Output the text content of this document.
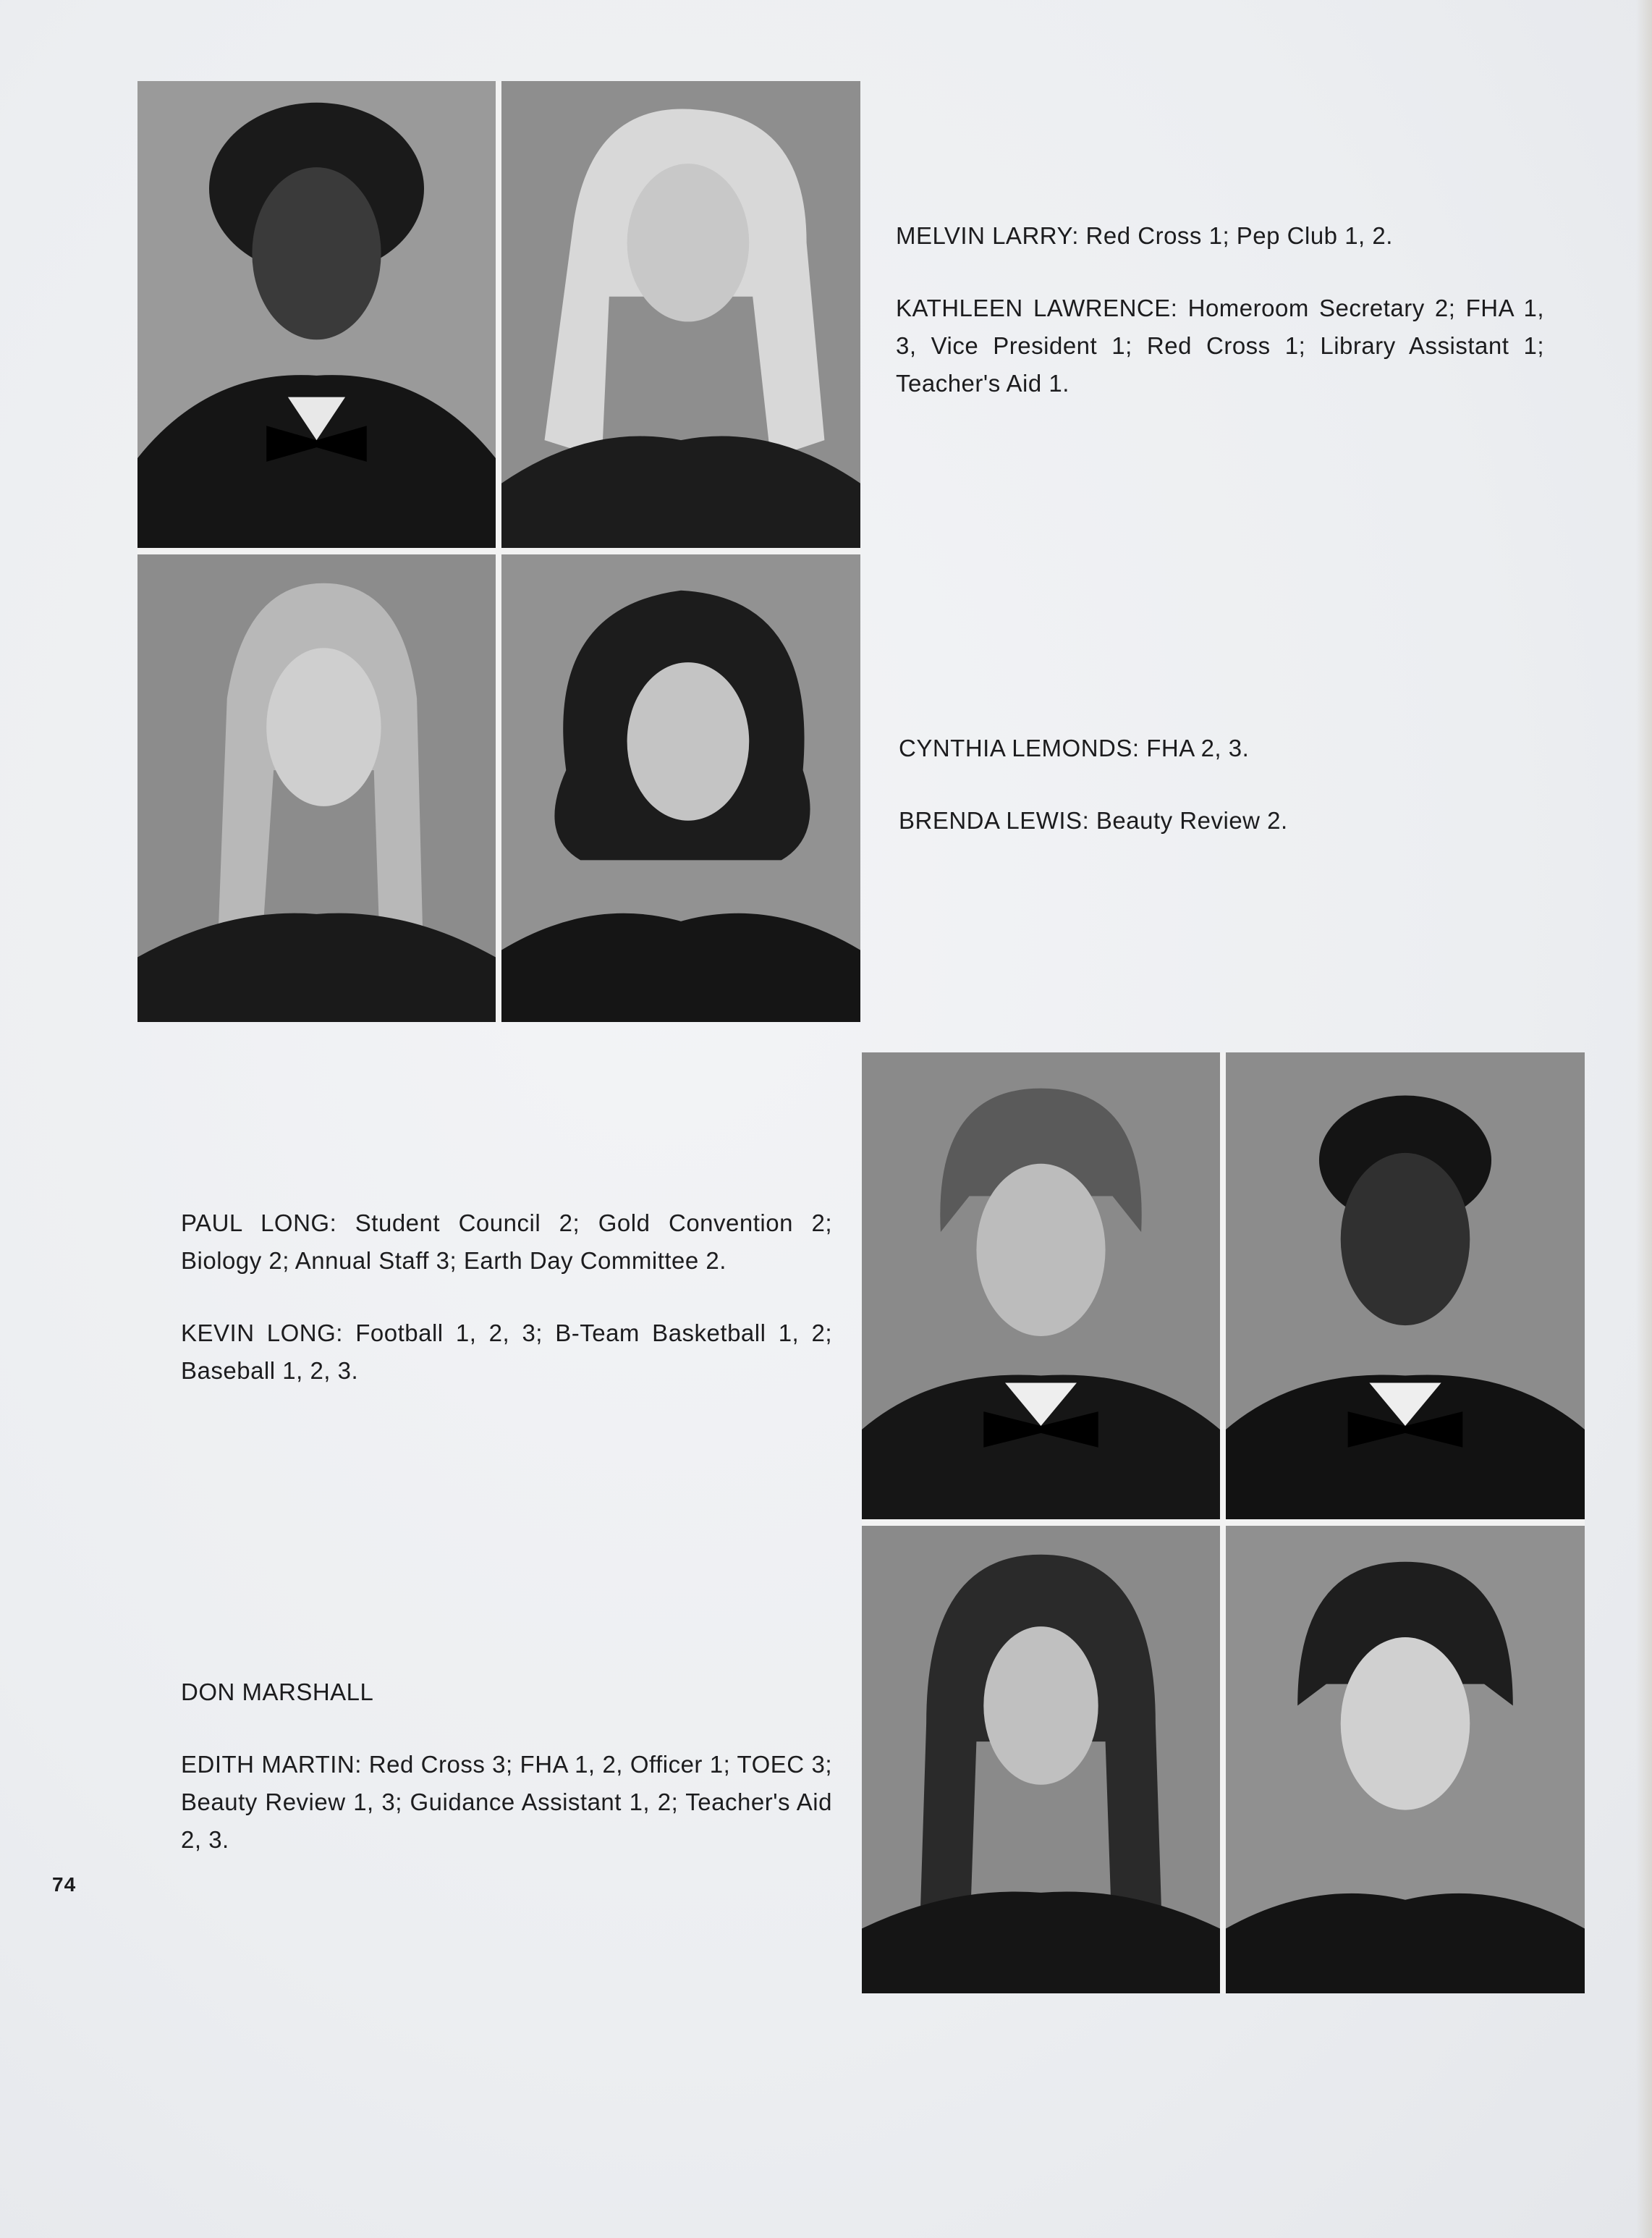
MELVIN LARRY: Red Cross 1; Pep Club 1, 2.

KATHLEEN LAWRENCE: Homeroom Secretary 2; FHA 1, 3, Vice President 1; Red Cross 1; Library Assistant 1; Teacher's Aid 1.

CYNTHIA LEMONDS: FHA 2, 3.

BRENDA LEWIS: Beauty Review 2.

PAUL LONG: Student Council 2; Gold Convention 2; Biology 2; Annual Staff 3; Earth Day Committee 2.

KEVIN LONG: Football 1, 2, 3; B-Team Basketball 1, 2; Baseball 1, 2, 3.

DON MARSHALL

EDITH MARTIN: Red Cross 3; FHA 1, 2, Officer 1; TOEC 3; Beauty Review 1, 3; Guidance Assistant 1, 2; Teacher's Aid 2, 3.

74
